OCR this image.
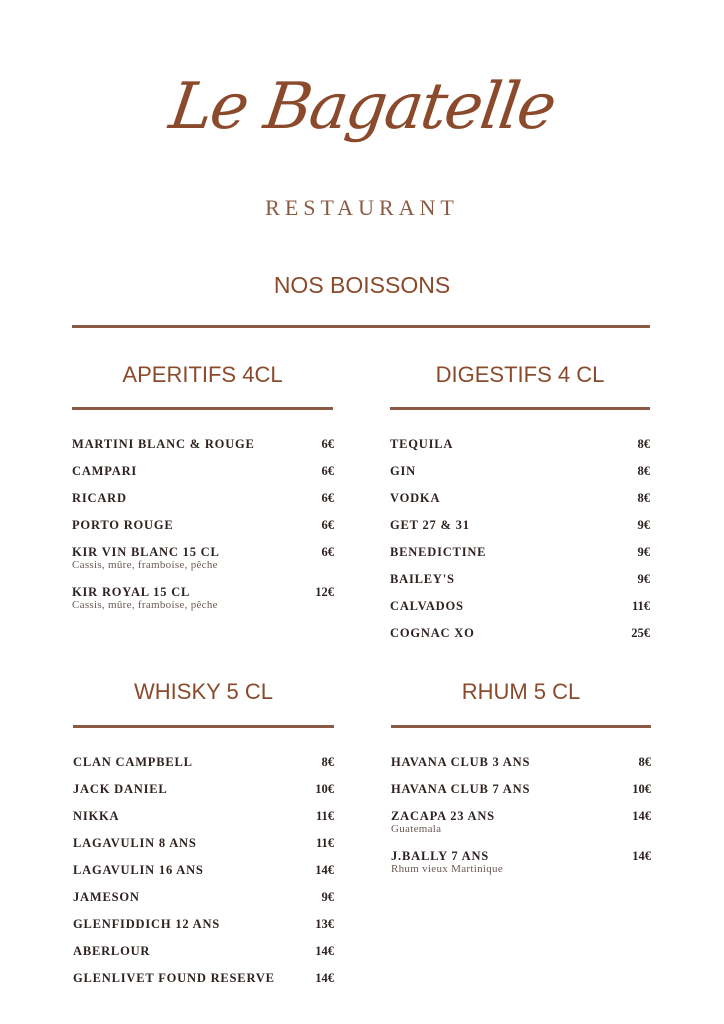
Le Bagatelle
RESTAURANT
NOS BOISSONS
APERITIFS 4CL	DIGESTIFS 4 CL
WHISKY 5 CL	RHUM 5 CL
MARTINI BLANC & ROUGE	6€
CAMPARI	6€
RICARD	6€
PORTO ROUGE	6€
KIR VIN BLANC 15 CL	6€
Cassis, mûre, framboise, pêche
KIR ROYAL 15 CL	12€
Cassis, mûre, framboise, pêche
TEQUILA	8€
GIN	8€
VODKA	8€
GET 27 & 31	9€
BENEDICTINE	9€
BAILEY'S	9€
CALVADOS	11€
COGNAC XO	25€
CLAN CAMPBELL	8€
JACK DANIEL	10€
NIKKA	11€
LAGAVULIN 8 ANS	11€
LAGAVULIN 16 ANS	14€
JAMESON	9€
GLENFIDDICH 12 ANS	13€
ABERLOUR	14€
GLENLIVET FOUND RESERVE	14€
HAVANA CLUB 3 ANS	8€
HAVANA CLUB 7 ANS	10€
ZACAPA 23 ANS	14€
Guatemala
J.BALLY 7 ANS	14€
Rhum vieux Martinique
